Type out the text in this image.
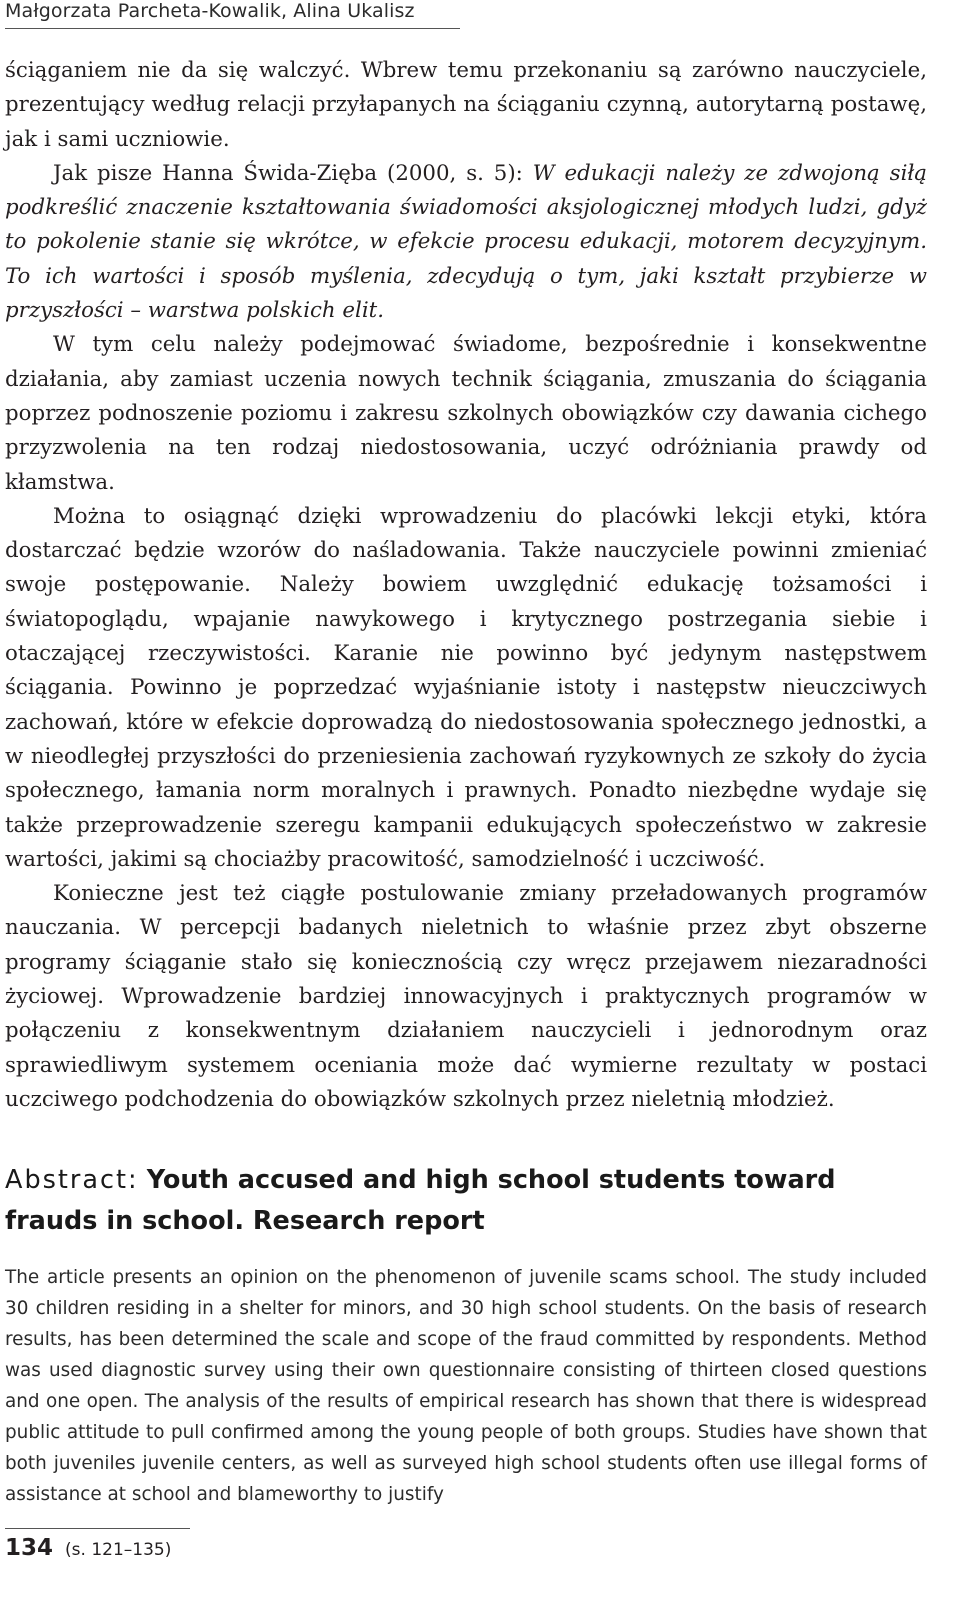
Małgorzata Parcheta-Kowalik, Alina Ukalisz

ściąganiem nie da się walczyć. Wbrew temu przekonaniu są zarówno nauczyciele, prezentujący według relacji przyłapanych na ściąganiu czynną, autorytarną postawę, jak i sami uczniowie.

Jak pisze Hanna Świda-Zięba (2000, s. 5): W edukacji należy ze zdwojoną siłą podkreślić znaczenie kształtowania świadomości aksjologicznej młodych ludzi, gdyż to pokolenie stanie się wkrótce, w efekcie procesu edukacji, motorem decyzyjnym. To ich wartości i sposób myślenia, zdecydują o tym, jaki kształt przybierze w przyszłości – warstwa polskich elit.

W tym celu należy podejmować świadome, bezpośrednie i konsekwentne działania, aby zamiast uczenia nowych technik ściągania, zmuszania do ściągania poprzez podnoszenie poziomu i zakresu szkolnych obowiązków czy dawania cichego przyzwolenia na ten rodzaj niedostosowania, uczyć odróżniania prawdy od kłamstwa.

Można to osiągnąć dzięki wprowadzeniu do placówki lekcji etyki, która dostarczać będzie wzorów do naśladowania. Także nauczyciele powinni zmieniać swoje postępowanie. Należy bowiem uwzględnić edukację tożsamości i światopoglądu, wpajanie nawykowego i krytycznego postrzegania siebie i otaczającej rzeczywistości. Karanie nie powinno być jedynym następstwem ściągania. Powinno je poprzedzać wyjaśnianie istoty i następstw nieuczciwych zachowań, które w efekcie doprowadzą do niedostosowania społecznego jednostki, a w nieodległej przyszłości do przeniesienia zachowań ryzykownych ze szkoły do życia społecznego, łamania norm moralnych i prawnych. Ponadto niezbędne wydaje się także przeprowadzenie szeregu kampanii edukujących społeczeństwo w zakresie wartości, jakimi są chociażby pracowitość, samodzielność i uczciwość.

Konieczne jest też ciągłe postulowanie zmiany przeładowanych programów nauczania. W percepcji badanych nieletnich to właśnie przez zbyt obszerne programy ściąganie stało się koniecznością czy wręcz przejawem niezaradności życiowej. Wprowadzenie bardziej innowacyjnych i praktycznych programów w połączeniu z konsekwentnym działaniem nauczycieli i jednorodnym oraz sprawiedliwym systemem oceniania może dać wymierne rezultaty w postaci uczciwego podchodzenia do obowiązków szkolnych przez nieletnią młodzież.

Abstract: Youth accused and high school students toward frauds in school. Research report
The article presents an opinion on the phenomenon of juvenile scams school. The study included 30 children residing in a shelter for minors, and 30 high school students. On the basis of research results, has been determined the scale and scope of the fraud committed by respondents. Method was used diagnostic survey using their own questionnaire consisting of thirteen closed questions and one open. The analysis of the results of empirical research has shown that there is widespread public attitude to pull confirmed among the young people of both groups. Studies have shown that both juveniles juvenile centers, as well as surveyed high school students often use illegal forms of assistance at school and blameworthy to justify
134 (s. 121–135)
